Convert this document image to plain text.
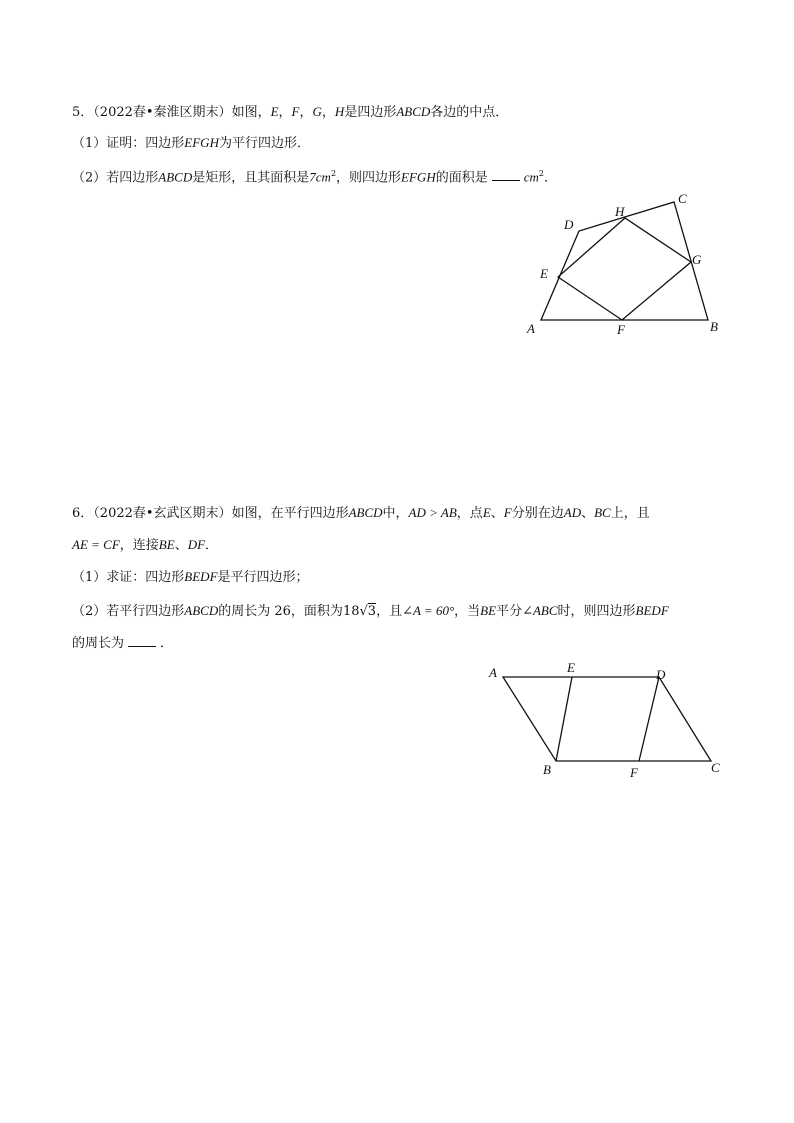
5．（2022春•秦淮区期末）如图，E，F，G，H是四边形ABCD各边的中点．
（1）证明：四边形EFGH为平行四边形．
（2）若四边形ABCD是矩形，且其面积是$7cm^2$，则四边形EFGH的面积是	$cm^2$．
A	B
C
D
E
F
G
H
6．（2022春•玄武区期末）如图，在平行四边形ABCD中，AD > AB，点E、F分别在边AD、BC上，且
AE = CF，连接BE、DF．
（1）求证：四边形BEDF是平行四边形；
（2）若平行四边形ABCD的周长为 26，面积为18√3，且∠A = 60°，当BE平分∠ABC时，则四边形BEDF
的周长为	．
A
B	C
D
E
F
